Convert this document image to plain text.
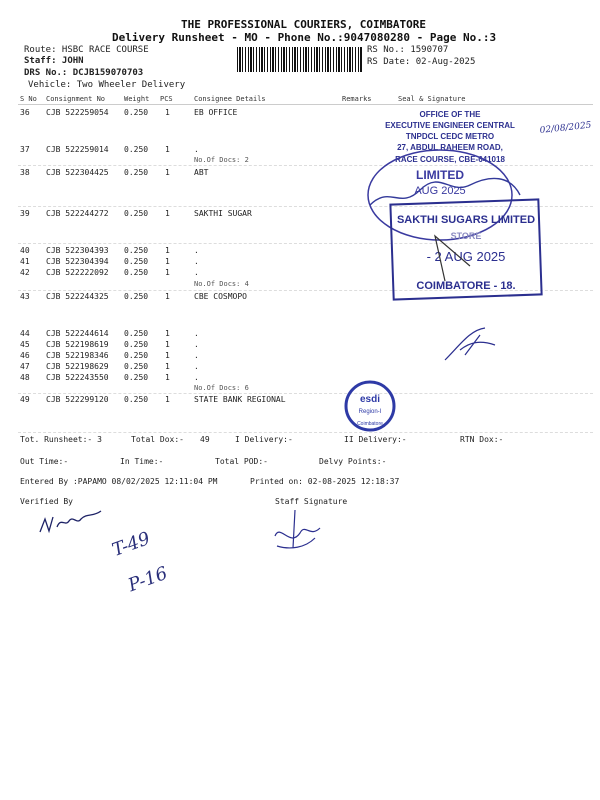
THE PROFESSIONAL COURIERS, COIMBATORE
Delivery Runsheet - MO - Phone No.:9047080280 - Page No.:3
Route: HSBC RACE COURSE
Staff: JOHN
DRS No.: DCJB159070703
Vehicle: Two Wheeler Delivery
RS No.: 1590707
RS Date: 02-Aug-2025
S No Consignment No	Weight PCS	Consignee Details	Remarks	Seal & Signature
36 CJB 522259054 0.250 1	EB OFFICE
37 CJB 522259014 0.250 1	.
38 CJB 522304425 0.250 1	ABT
39 CJB 522244272 0.250 1	SAKTHI SUGAR
40 CJB 522304393 0.250 1	.
41 CJB 522304394 0.250 1	.
42 CJB 522222092 0.250 1	.
43 CJB 522244325 0.250 1	CBE COSMOPO
44 CJB 522244614 0.250 1	.
45 CJB 522198619 0.250 1	.
46 CJB 522198346 0.250 1	.
47 CJB 522198629 0.250 1	.
48 CJB 522243550 0.250 1	.
49 CJB 522299120 0.250 1	STATE BANK REGIONAL
No.Of Docs: 2
No.Of Docs: 4
No.Of Docs: 6
OFFICE OF THE
EXECUTIVE ENGINEER CENTRAL
TNPDCL CEDC METRO
27, ABDUL RAHEEM ROAD,
RACE COURSE, CBE-641018
02/08/2025
LIMITED
AUG 2025
SAKTHI SUGARS LIMITED
STORE
- 2 AUG 2025
COIMBATORE - 18.
esdi
Region-I
Coimbatore
Tot. Runsheet:- 3	Total Dox:- 49	I Delivery:-	II Delivery:-	RTN Dox:-
Out Time:-	In Time:-	Total POD:-	Delvy Points:-
Entered By :PAPAMO 08/02/2025 12:11:04 PM	Printed on: 02-08-2025 12:18:37
Verified By	Staff Signature
T-49
P-16
